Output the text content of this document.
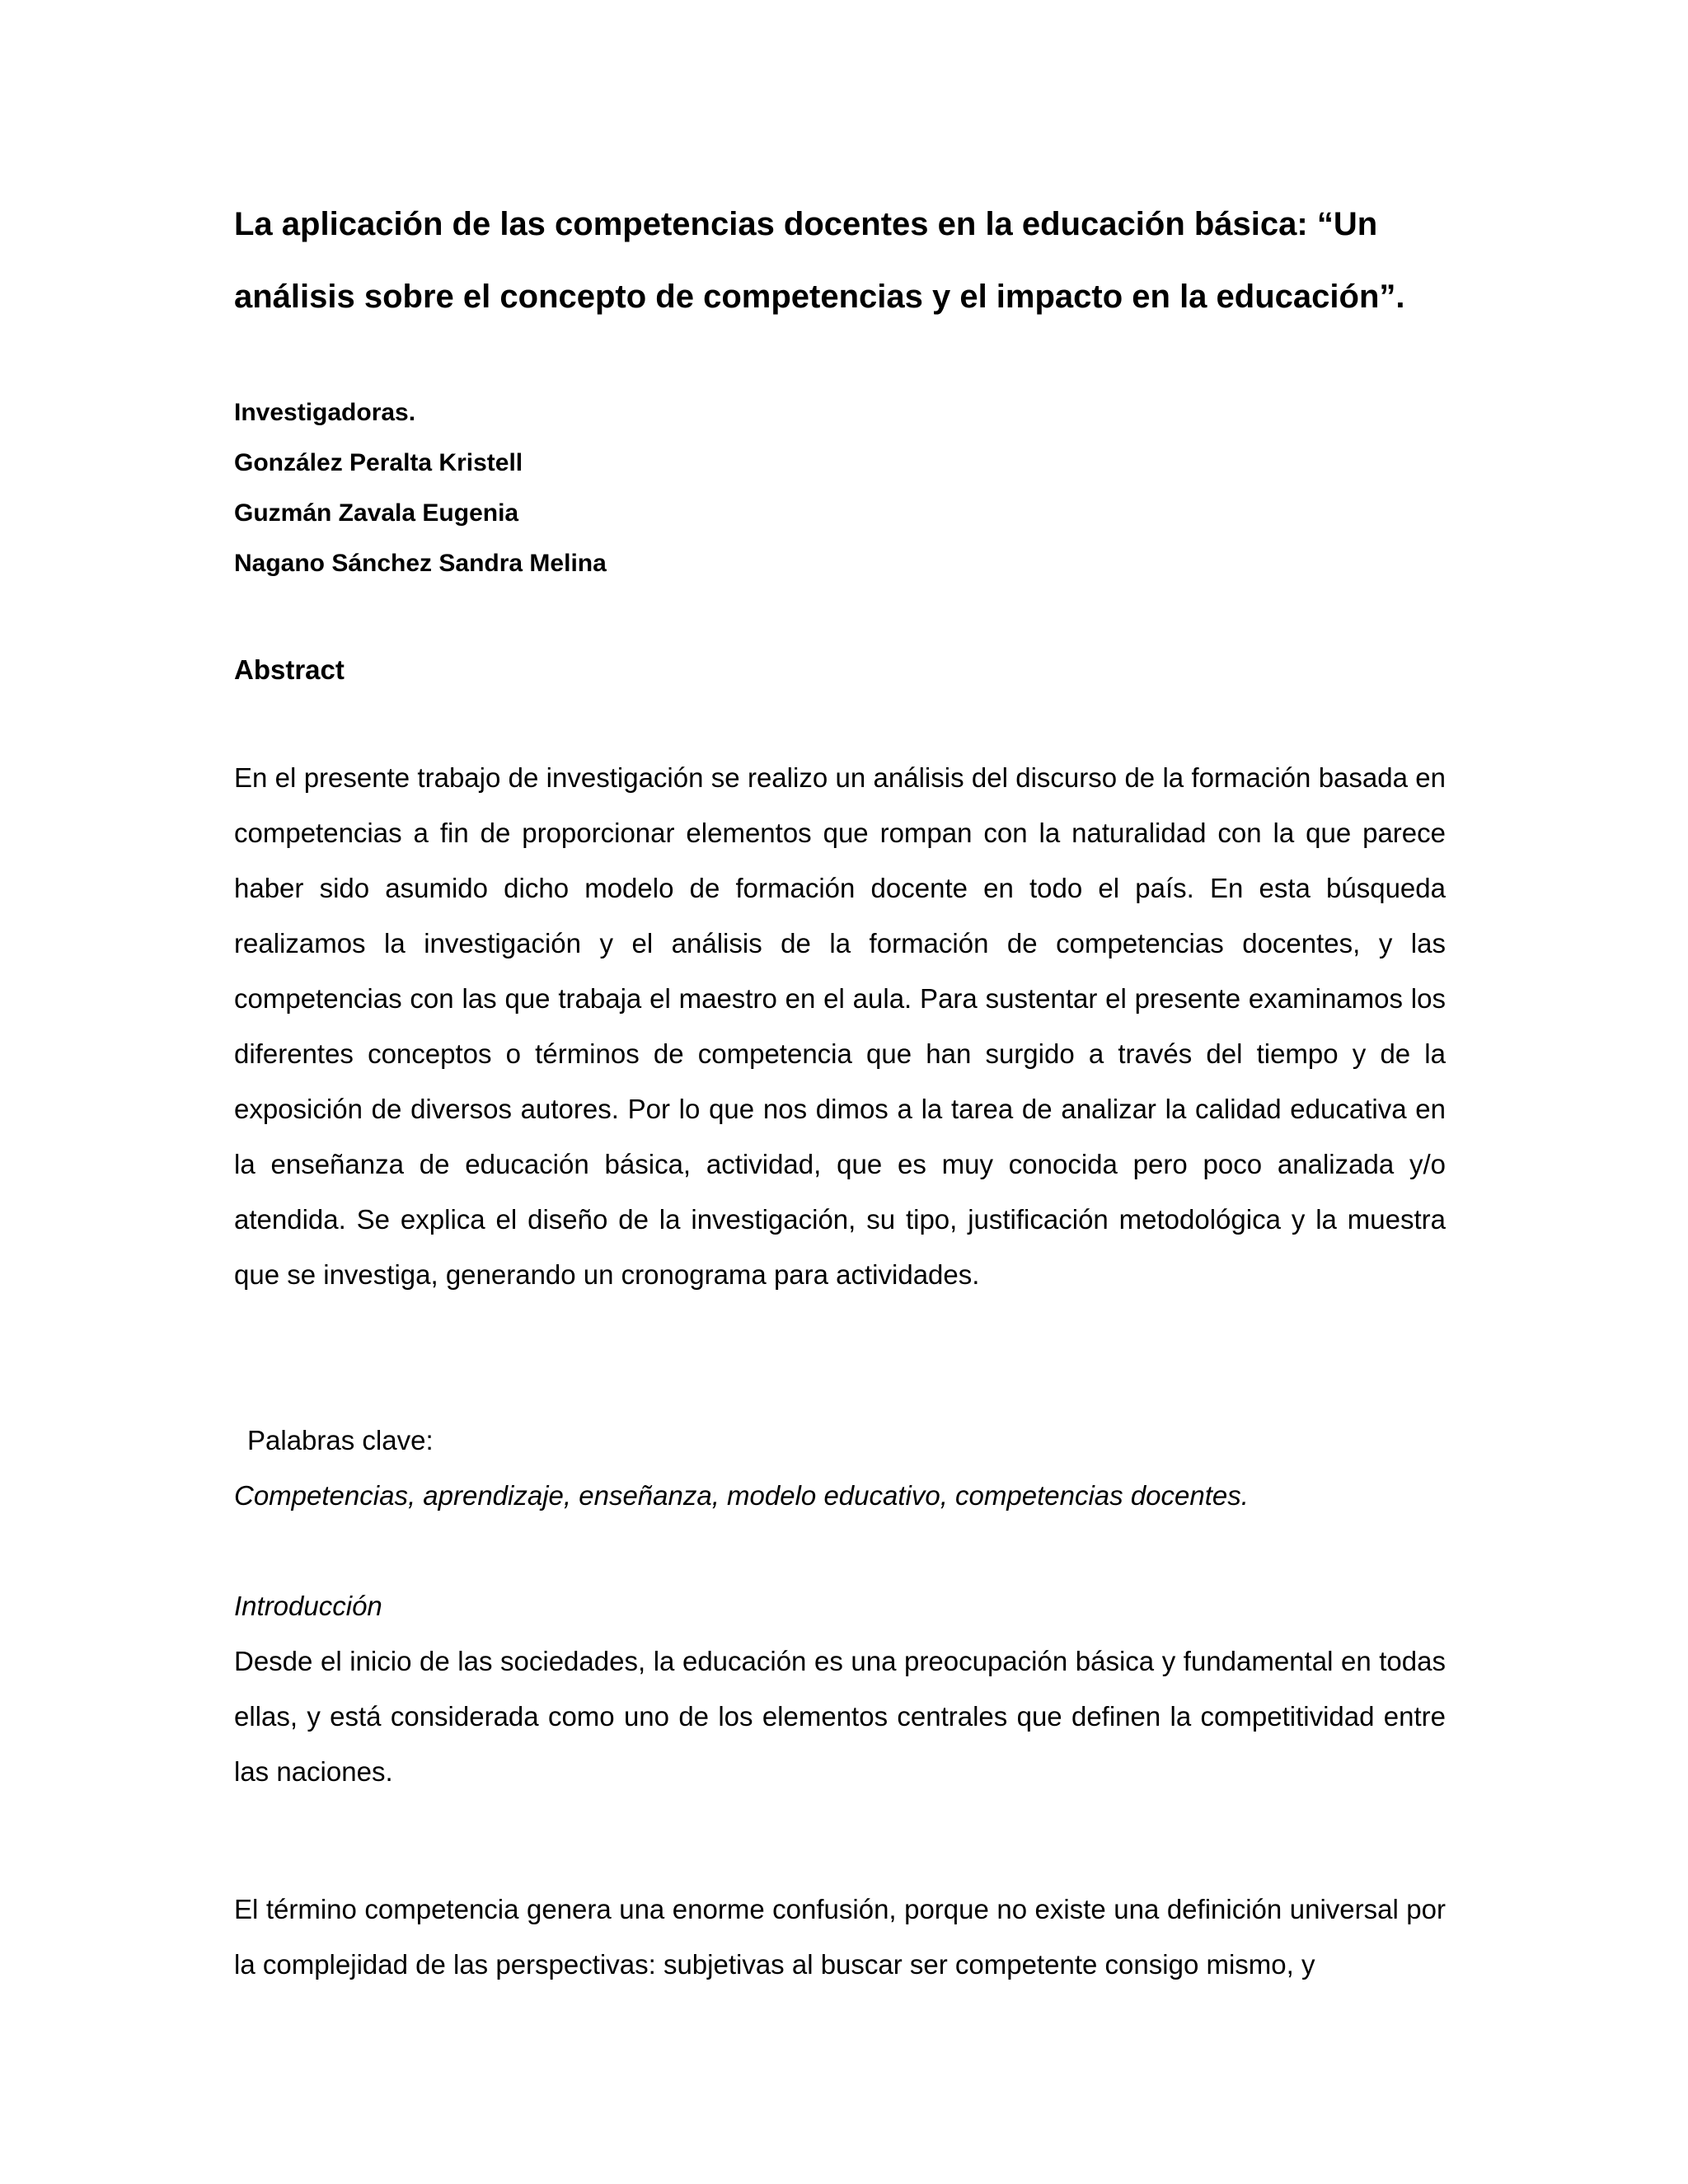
La aplicación de las competencias docentes en la educación básica: “Un análisis sobre el concepto de competencias y el impacto en la educación”.
Investigadoras.
González Peralta Kristell
Guzmán Zavala Eugenia
Nagano Sánchez Sandra Melina
Abstract

En el presente trabajo de investigación se realizo un análisis del discurso de la formación basada en competencias a fin de proporcionar elementos que rompan con la naturalidad con la que parece haber sido asumido dicho modelo de formación docente en todo el país. En esta búsqueda realizamos la investigación y el análisis de la formación de competencias docentes, y las competencias con las que trabaja el maestro en el aula. Para sustentar el presente examinamos los diferentes conceptos o términos de competencia que han surgido a través del tiempo y de la exposición de diversos autores. Por lo que nos dimos a la tarea de analizar la calidad educativa en la enseñanza de educación básica, actividad, que es muy conocida pero poco analizada y/o atendida. Se explica el diseño de la investigación, su tipo, justificación metodológica y la muestra que se investiga, generando un cronograma para actividades.

Palabras clave:
Competencias, aprendizaje, enseñanza, modelo educativo, competencias docentes.
Introducción

Desde el inicio de las sociedades, la educación es una preocupación básica y fundamental en todas ellas, y está considerada como uno de los elementos centrales que definen la competitividad entre las naciones.

El término competencia genera una enorme confusión, porque no existe una definición universal por la complejidad de las perspectivas: subjetivas al buscar ser competente consigo mismo, y
